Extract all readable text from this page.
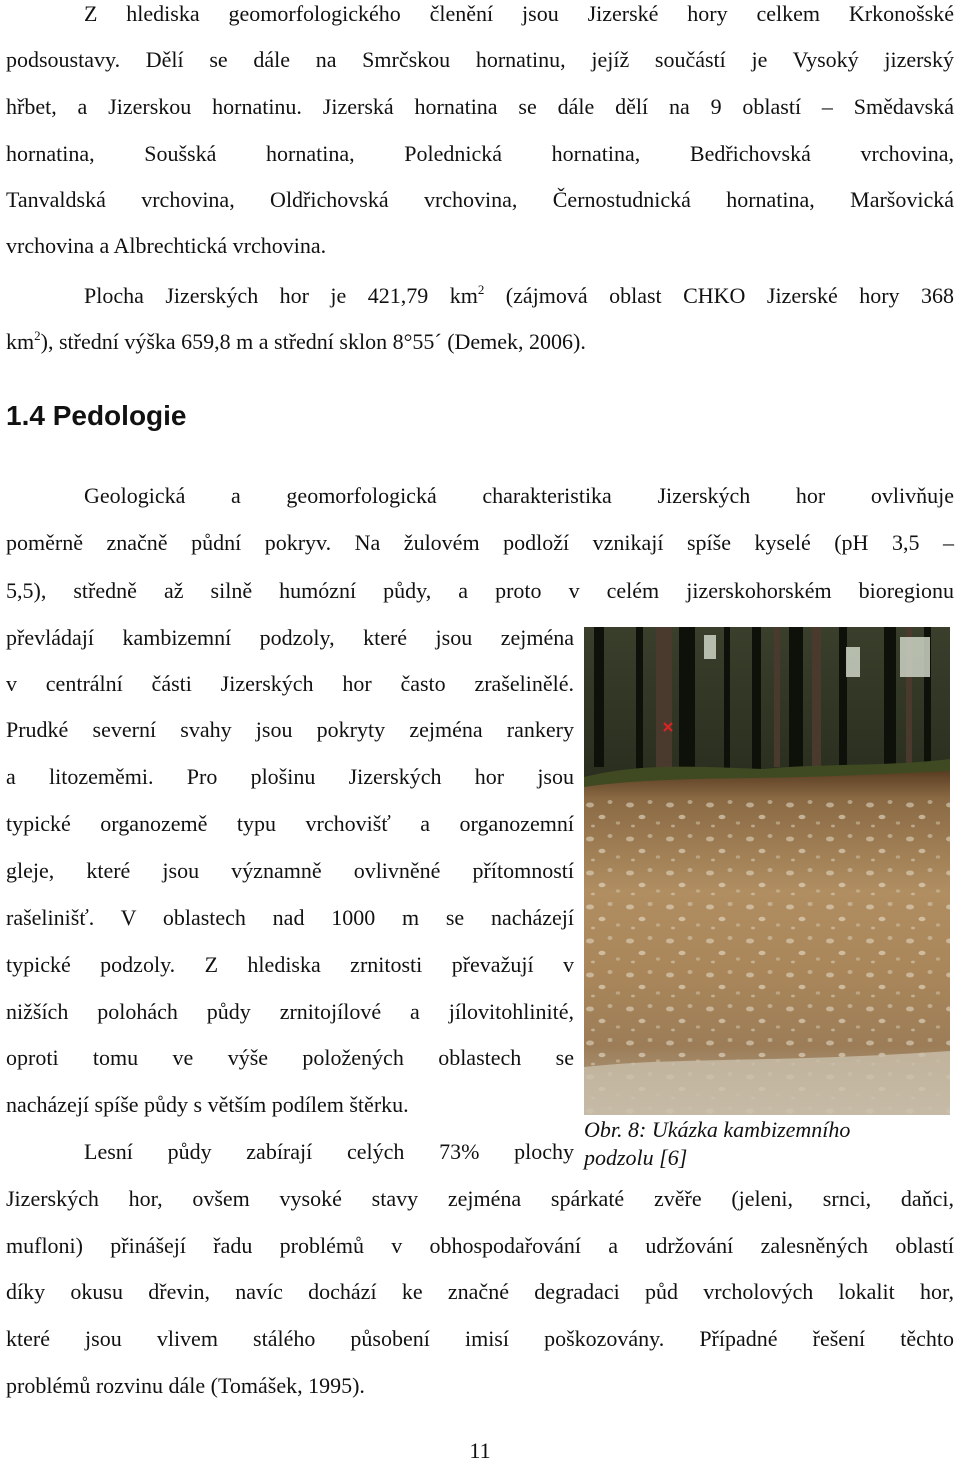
Z hlediska geomorfologického členění jsou Jizerské hory celkem Krkonošské
podsoustavy. Dělí se dále na Smrčskou hornatinu, jejíž součástí je Vysoký jizerský
hřbet, a Jizerskou hornatinu. Jizerská hornatina se dále dělí na 9 oblastí – Smědavská
hornatina, Soušská hornatina, Polednická hornatina, Bedřichovská vrchovina,
Tanvaldská vrchovina, Oldřichovská vrchovina, Černostudnická hornatina, Maršovická
vrchovina a Albrechtická vrchovina.
Plocha Jizerských hor je 421,79 $km^2$ (zájmová oblast CHKO Jizerské hory 368
$km^2$), střední výška 659,8 m a střední sklon 8°55´ (Demek, 2006).
1.4 Pedologie
Geologická a geomorfologická charakteristika Jizerských hor ovlivňuje
poměrně značně půdní pokryv. Na žulovém podloží vznikají spíše kyselé (pH 3,5 –
5,5), středně až silně humózní půdy, a proto v celém jizerskohorském bioregionu
převládají kambizemní podzoly, které jsou zejména
v centrální části Jizerských hor často zrašelinělé.
Prudké severní svahy jsou pokryty zejména rankery
a litozeměmi. Pro plošinu Jizerských hor jsou
typické organozemě typu vrchovišť a organozemní
gleje, které jsou významně ovlivněné přítomností
rašelinišť. V oblastech nad 1000 m se nacházejí
typické podzoly. Z hlediska zrnitosti převažují v
nižších polohách půdy zrnitojílové a jílovitohlinité,
oproti tomu ve výše položených oblastech se
nacházejí spíše půdy s větším podílem štěrku.
Lesní půdy zabírají celých 73% plochy
Jizerských hor, ovšem vysoké stavy zejména spárkaté zvěře (jeleni, srnci, daňci,
mufloni) přinášejí řadu problémů v obhospodařování a udržování zalesněných oblastí
díky okusu dřevin, navíc dochází ke značné degradaci půd vrcholových lokalit hor,
které jsou vlivem stálého působení imisí poškozovány. Případné řešení těchto
problémů rozvinu dále (Tomášek, 1995).
Obr. 8: Ukázka kambizemního
podzolu [6]
11
